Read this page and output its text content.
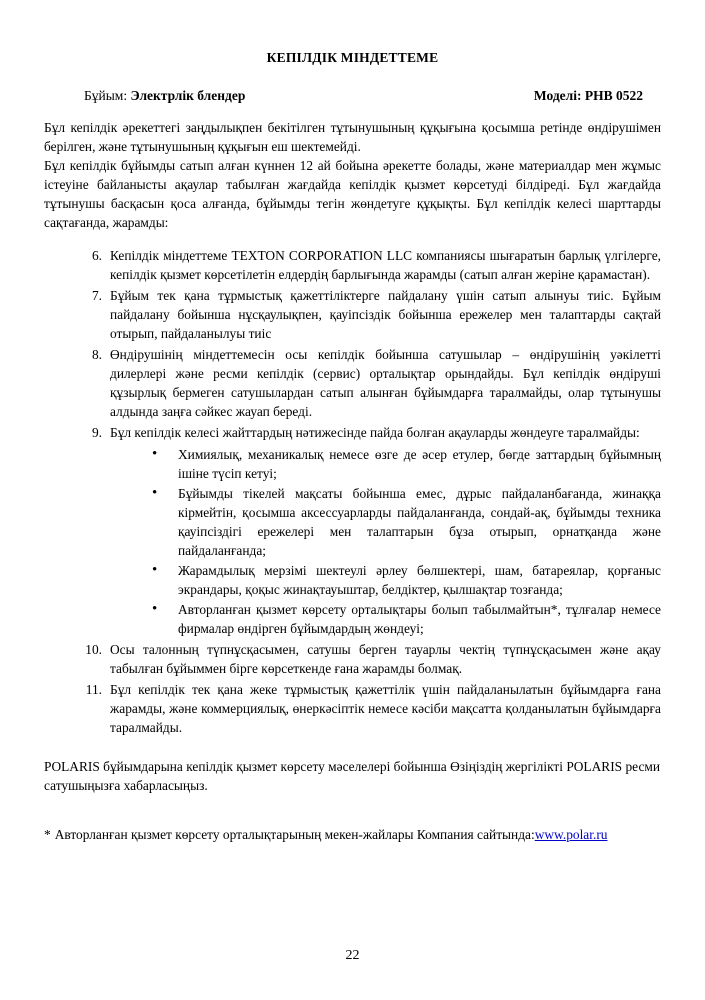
КЕПІЛДІК МІНДЕТТЕМЕ
Бұйым: Электрлік блендер	Моделі: РНВ 0522

Бұл кепілдік әрекеттегі заңдылықпен бекітілген тұтынушының құқығына қосымша ретінде өндірушімен берілген, және тұтынушының құқығын еш шектемейді.

Бұл кепілдік бұйымды сатып алған күннен 12 ай бойына әрекетте болады, және материалдар мен жұмыс істеуіне байланысты ақаулар табылған жағдайда кепілдік қызмет көрсетуді білдіреді. Бұл жағдайда тұтынушы басқасын қоса алғанда, бұйымды тегін жөндетуге құқықты. Бұл кепілдік келесі шарттарды сақтағанда, жарамды:

6. Кепілдік міндеттеме TEXTON CORPORATION LLC компаниясы шығаратын барлық үлгілерге, кепілдік қызмет көрсетілетін елдердің барлығында жарамды (сатып алған жеріне қарамастан).
7. Бұйым тек қана тұрмыстық қажеттіліктерге пайдалану үшін сатып алынуы тиіс. Бұйым пайдалану бойынша нұсқаулықпен, қауіпсіздік бойынша ережелер мен талаптарды сақтай отырып, пайдаланылуы тиіс
8. Өндірушінің міндеттемесін осы кепілдік бойынша сатушылар – өндірушінің уәкілетті дилерлері және ресми кепілдік (сервис) орталықтар орындайды. Бұл кепілдік өндіруші құзырлық бермеген сатушылардан сатып алынған бұйымдарға таралмайды, олар тұтынушы алдында заңға сәйкес жауап береді.
9. Бұл кепілдік келесі жайттардың нәтижесінде пайда болған ақауларды жөндеуге таралмайды:
• Химиялық, механикалық немесе өзге де әсер етулер, бөгде заттардың бұйымның ішіне түсіп кетуі;
• Бұйымды тікелей мақсаты бойынша емес, дұрыс пайдаланбағанда, жинаққа кірмейтін, қосымша аксессуарларды пайдаланғанда, сондай-ақ, бұйымды техника қауіпсіздігі ережелері мен талаптарын бұза отырып, орнатқанда және пайдаланғанда;
• Жарамдылық мерзімі шектеулі әрлеу бөлшектері, шам, батареялар, қорғаныс экрандары, қоқыс жинақтауыштар, белдіктер, қылшақтар тозғанда;
• Авторланған қызмет көрсету орталықтары болып табылмайтын*, тұлғалар немесе фирмалар өндірген бұйымдардың жөндеуі;
10. Осы талонның түпнұсқасымен, сатушы берген тауарлы чектің түпнұсқасымен және ақау табылған бұйыммен бірге көрсеткенде ғана жарамды болмақ.
11. Бұл кепілдік тек қана жеке тұрмыстық қажеттілік үшін пайдаланылатын бұйымдарға ғана жарамды, және коммерциялық, өнеркәсіптік немесе кәсіби мақсатта қолданылатын бұйымдарға таралмайды.

POLARIS бұйымдарына кепілдік қызмет көрсету мәселелері бойынша Өзіңіздің жергілікті POLARIS ресми сатушыңызға хабарласыңыз.

* Авторланған қызмет көрсету орталықтарының мекен-жайлары Компания сайтында:www.polar.ru

22
